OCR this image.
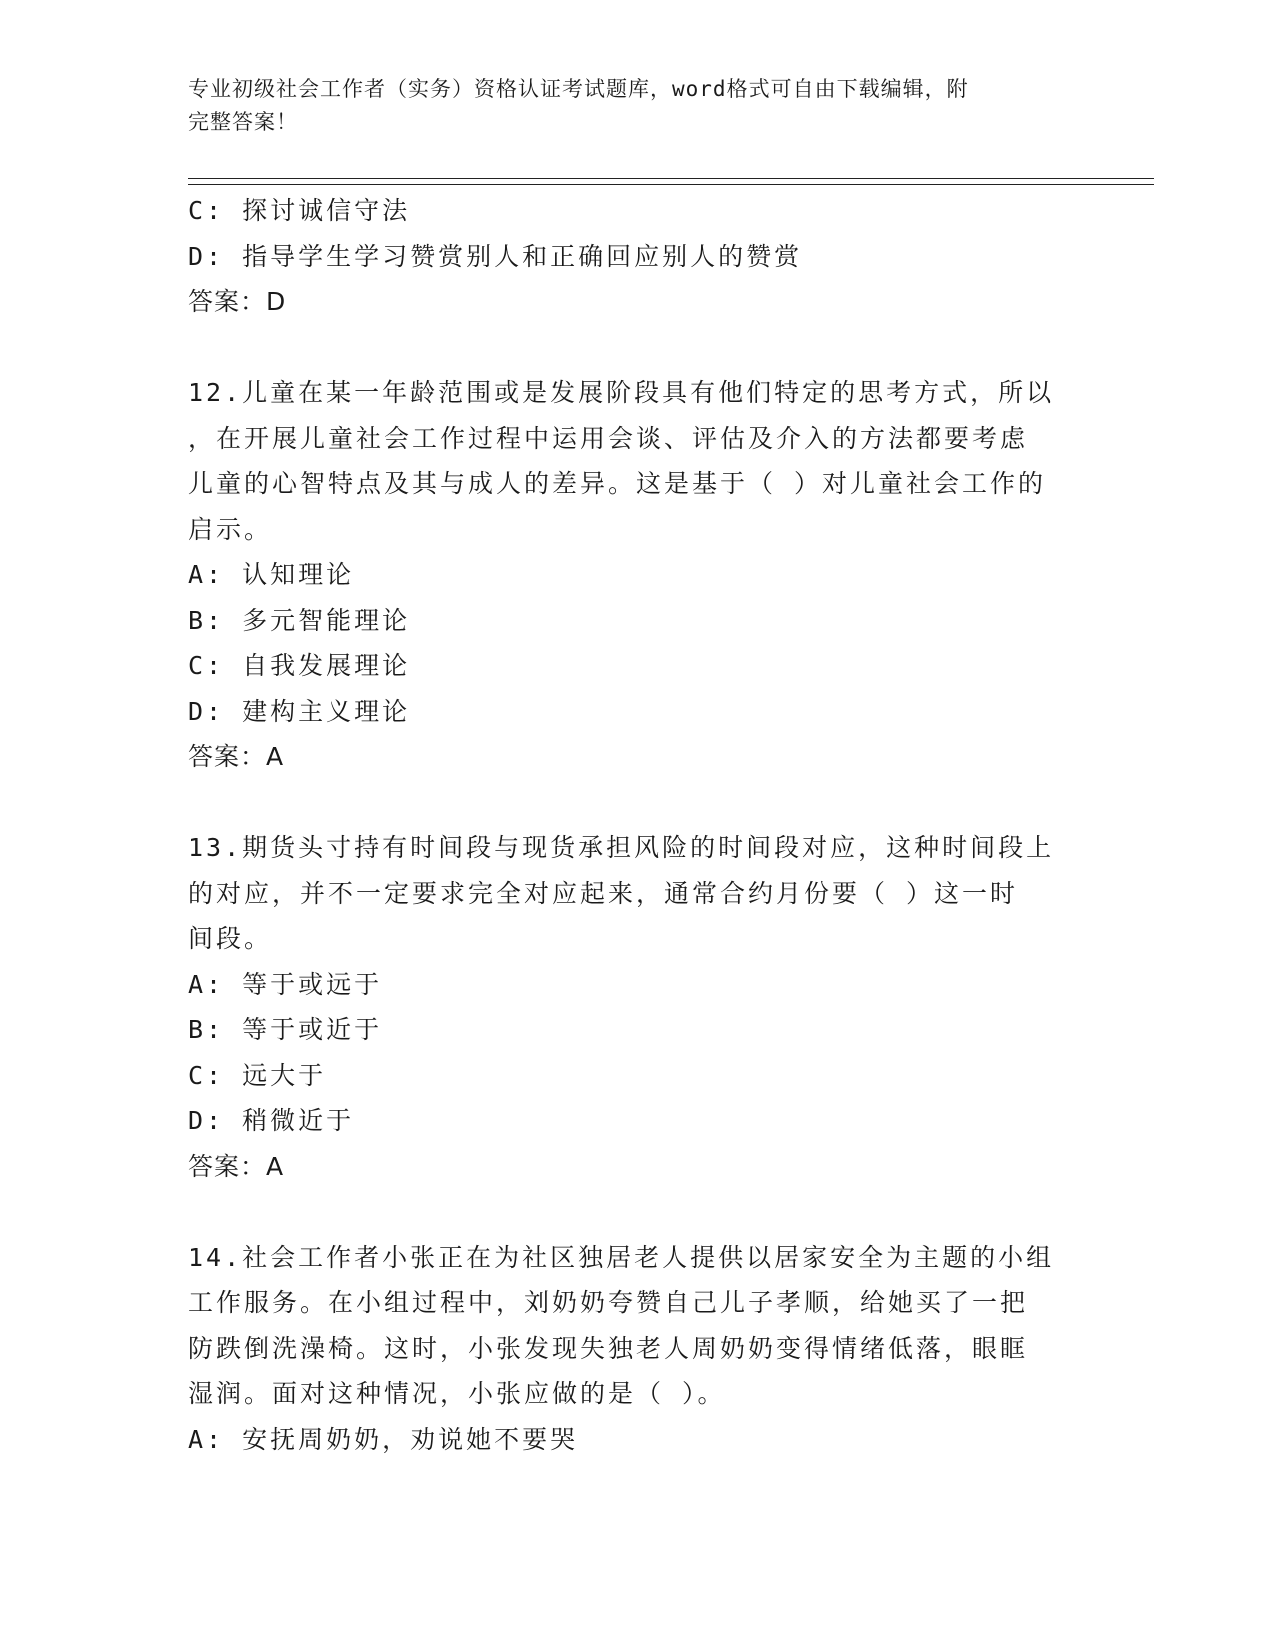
专业初级社会工作者（实务）资格认证考试题库，word格式可自由下载编辑，附
完整答案！
C: 探讨诚信守法
D: 指导学生学习赞赏别人和正确回应别人的赞赏
答案：D
12.儿童在某一年龄范围或是发展阶段具有他们特定的思考方式，所以
，在开展儿童社会工作过程中运用会谈、评估及介入的方法都要考虑
儿童的心智特点及其与成人的差异。这是基于（ ）对儿童社会工作的
启示。
A: 认知理论
B: 多元智能理论
C: 自我发展理论
D: 建构主义理论
答案：A
13.期货头寸持有时间段与现货承担风险的时间段对应，这种时间段上
的对应，并不一定要求完全对应起来，通常合约月份要（ ）这一时
间段。
A: 等于或远于
B: 等于或近于
C: 远大于
D: 稍微近于
答案：A
14.社会工作者小张正在为社区独居老人提供以居家安全为主题的小组
工作服务。在小组过程中，刘奶奶夸赞自己儿子孝顺，给她买了一把
防跌倒洗澡椅。这时，小张发现失独老人周奶奶变得情绪低落，眼眶
湿润。面对这种情况，小张应做的是（ ）。
A: 安抚周奶奶，劝说她不要哭
